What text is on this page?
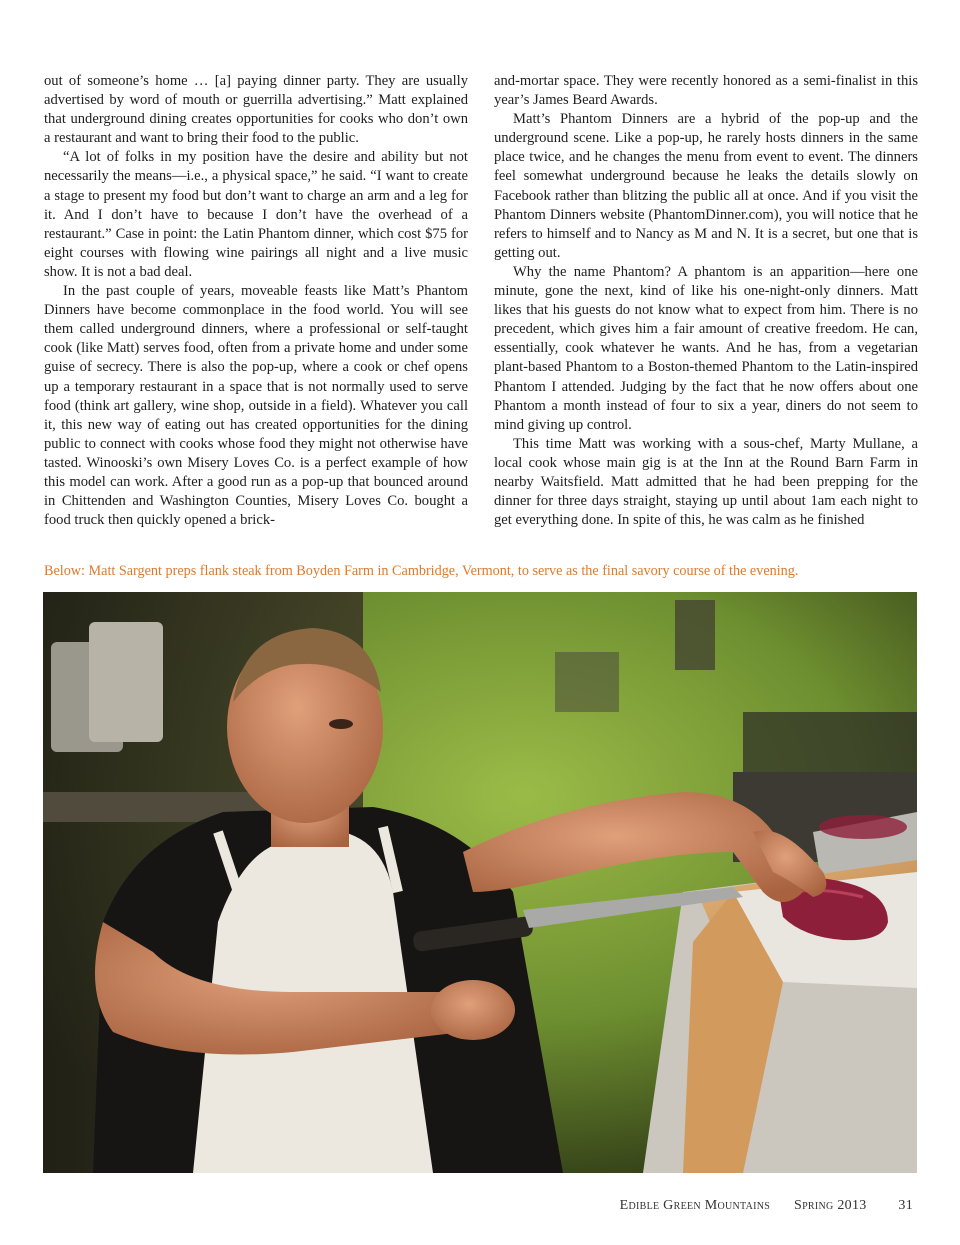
out of someone’s home … [a] paying dinner party. They are usually advertised by word of mouth or guerrilla advertising.” Matt explained that underground dining creates opportunities for cooks who don’t own a restaurant and want to bring their food to the public.

“A lot of folks in my position have the desire and ability but not necessarily the means—i.e., a physical space,” he said. “I want to create a stage to present my food but don’t want to charge an arm and a leg for it. And I don’t have to because I don’t have the overhead of a restaurant.” Case in point: the Latin Phantom dinner, which cost $75 for eight courses with flowing wine pairings all night and a live music show. It is not a bad deal.

In the past couple of years, moveable feasts like Matt’s Phantom Dinners have become commonplace in the food world. You will see them called underground dinners, where a professional or self-taught cook (like Matt) serves food, often from a private home and under some guise of secrecy. There is also the pop-up, where a cook or chef opens up a temporary restaurant in a space that is not normally used to serve food (think art gallery, wine shop, outside in a field). Whatever you call it, this new way of eating out has created opportunities for the dining public to connect with cooks whose food they might not otherwise have tasted. Winooski’s own Misery Loves Co. is a perfect example of how this model can work. After a good run as a pop-up that bounced around in Chittenden and Washington Counties, Misery Loves Co. bought a food truck then quickly opened a brick-

and-mortar space. They were recently honored as a semi-finalist in this year’s James Beard Awards.

Matt’s Phantom Dinners are a hybrid of the pop-up and the underground scene. Like a pop-up, he rarely hosts dinners in the same place twice, and he changes the menu from event to event. The dinners feel somewhat underground because he leaks the details slowly on Facebook rather than blitzing the public all at once. And if you visit the Phantom Dinners website (PhantomDinner.com), you will notice that he refers to himself and to Nancy as M and N. It is a secret, but one that is getting out.

Why the name Phantom? A phantom is an apparition—here one minute, gone the next, kind of like his one-night-only dinners. Matt likes that his guests do not know what to expect from him. There is no precedent, which gives him a fair amount of creative freedom. He can, essentially, cook whatever he wants. And he has, from a vegetarian plant-based Phantom to a Boston-themed Phantom to the Latin-inspired Phantom I attended. Judging by the fact that he now offers about one Phantom a month instead of four to six a year, diners do not seem to mind giving up control.

This time Matt was working with a sous-chef, Marty Mullane, a local cook whose main gig is at the Inn at the Round Barn Farm in nearby Waitsfield. Matt admitted that he had been prepping for the dinner for three days straight, staying up until about 1am each night to get everything done. In spite of this, he was calm as he finished

Below: Matt Sargent preps flank steak from Boyden Farm in Cambridge, Vermont, to serve as the final savory course of the evening.
Edible Green Mountains Spring 2013 31
